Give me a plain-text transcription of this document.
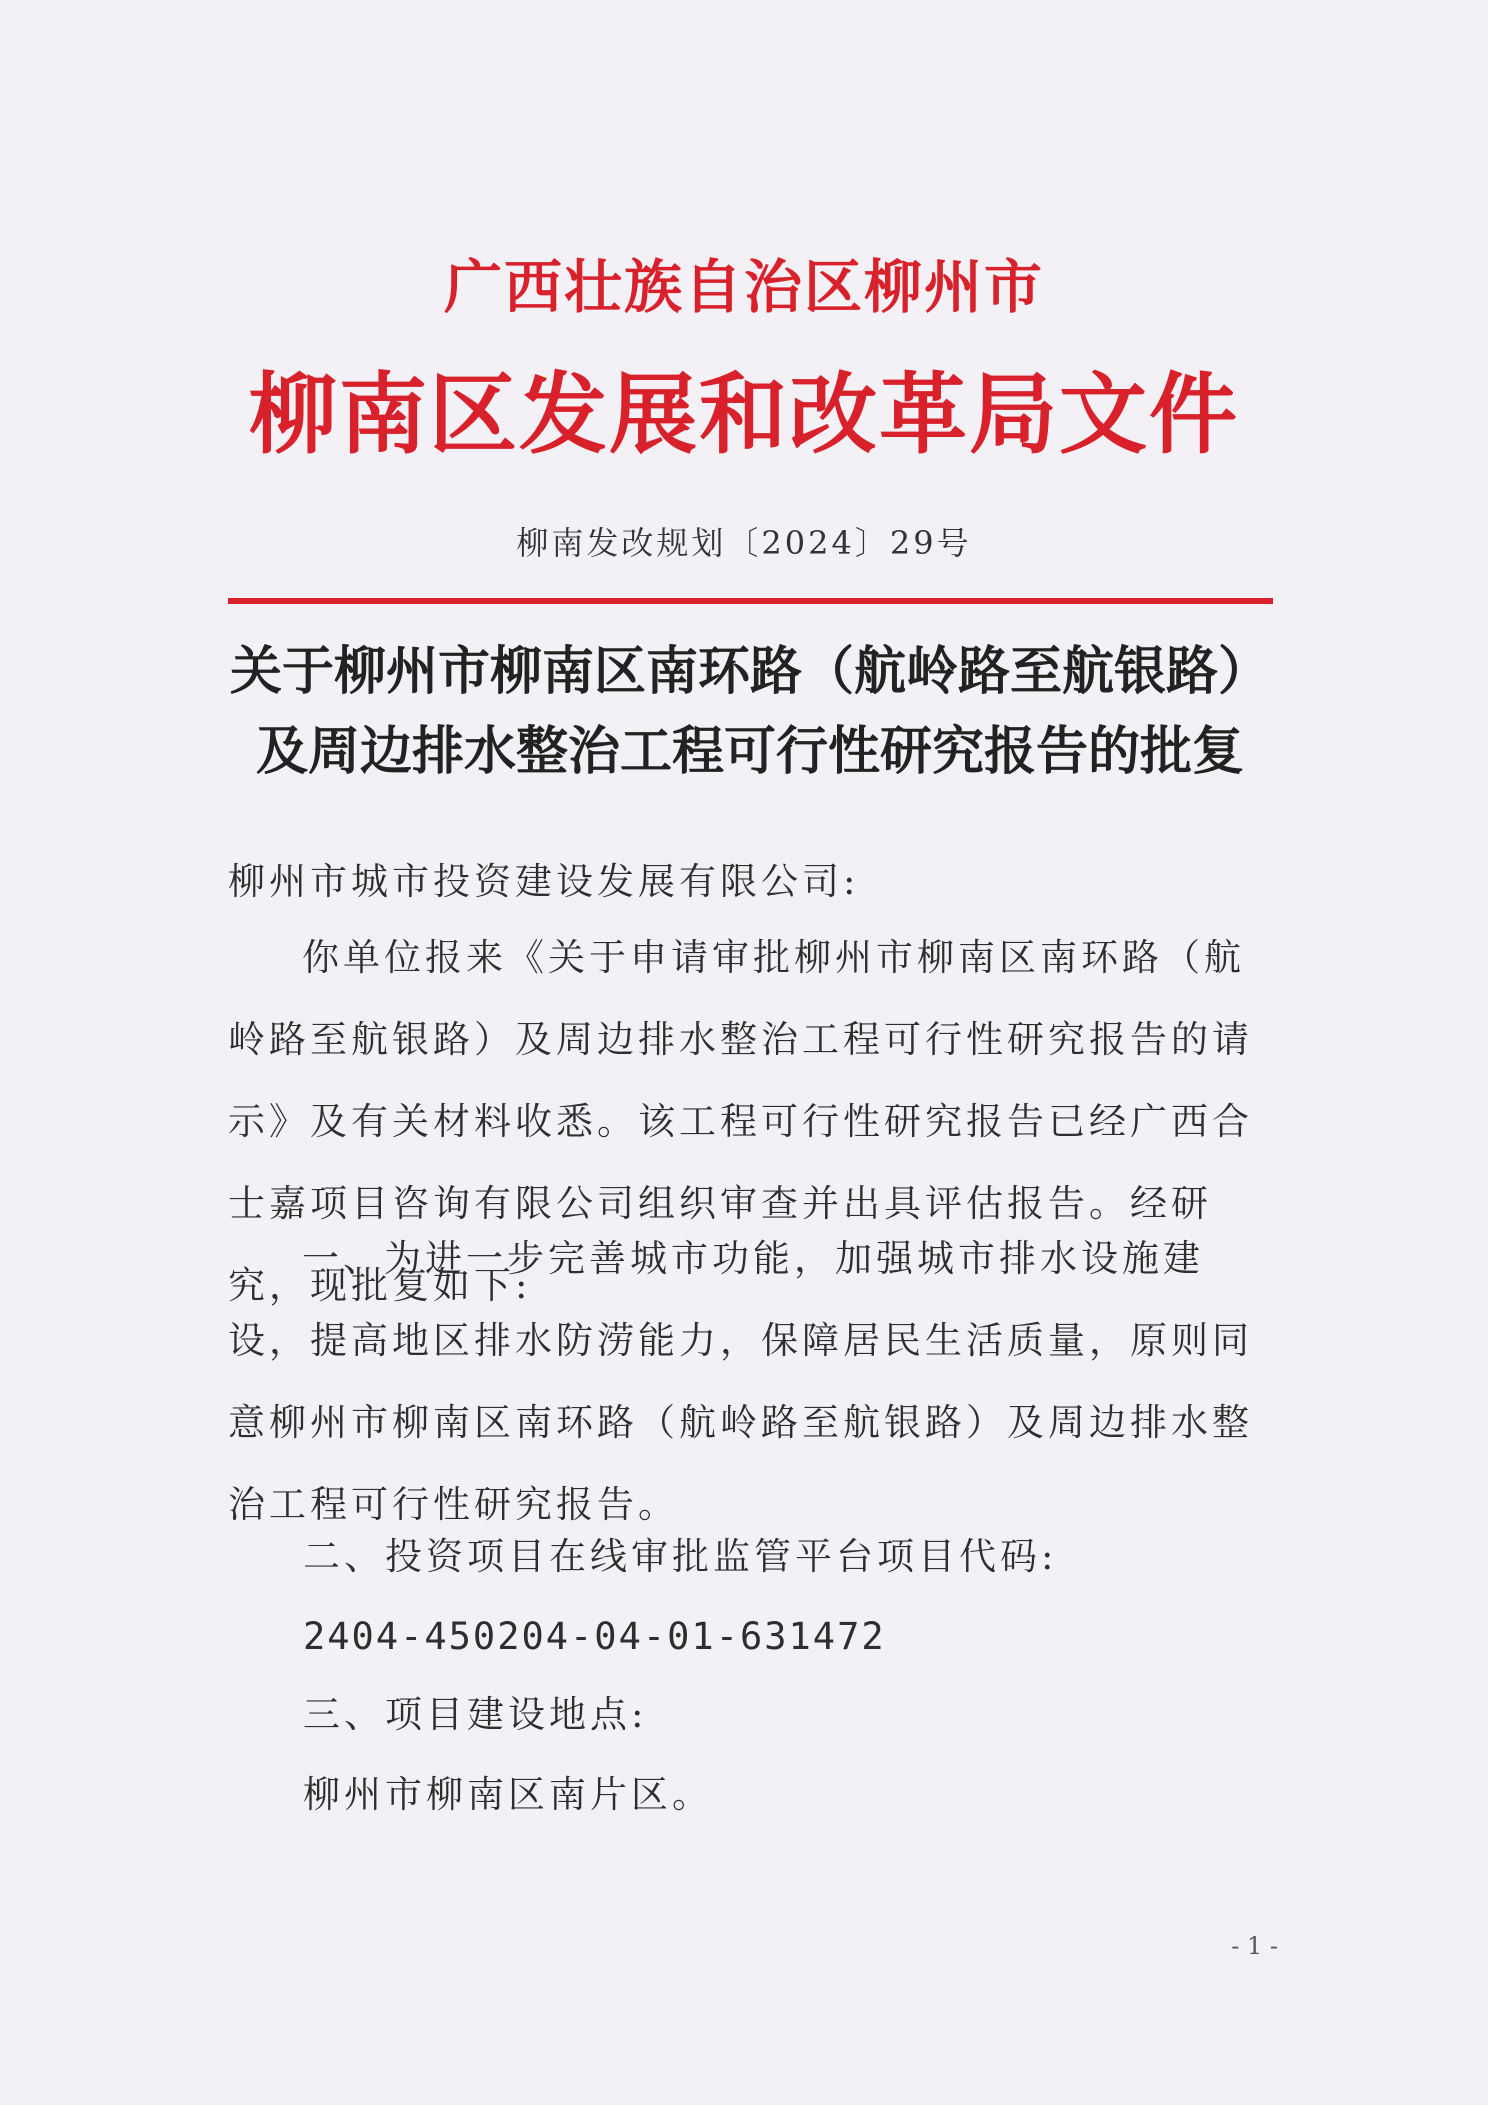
广西壮族自治区柳州市
柳南区发展和改革局文件
柳南发改规划〔2024〕29号
关于柳州市柳南区南环路（航岭路至航银路）
及周边排水整治工程可行性研究报告的批复
柳州市城市投资建设发展有限公司:
你单位报来《关于申请审批柳州市柳南区南环路（航岭路至航银路）及周边排水整治工程可行性研究报告的请示》及有关材料收悉。该工程可行性研究报告已经广西合士嘉项目咨询有限公司组织审查并出具评估报告。经研究，现批复如下:
一、为进一步完善城市功能，加强城市排水设施建设，提高地区排水防涝能力，保障居民生活质量，原则同意柳州市柳南区南环路（航岭路至航银路）及周边排水整治工程可行性研究报告。
二、投资项目在线审批监管平台项目代码:
2404-450204-04-01-631472
三、项目建设地点:
柳州市柳南区南片区。
- 1 -
